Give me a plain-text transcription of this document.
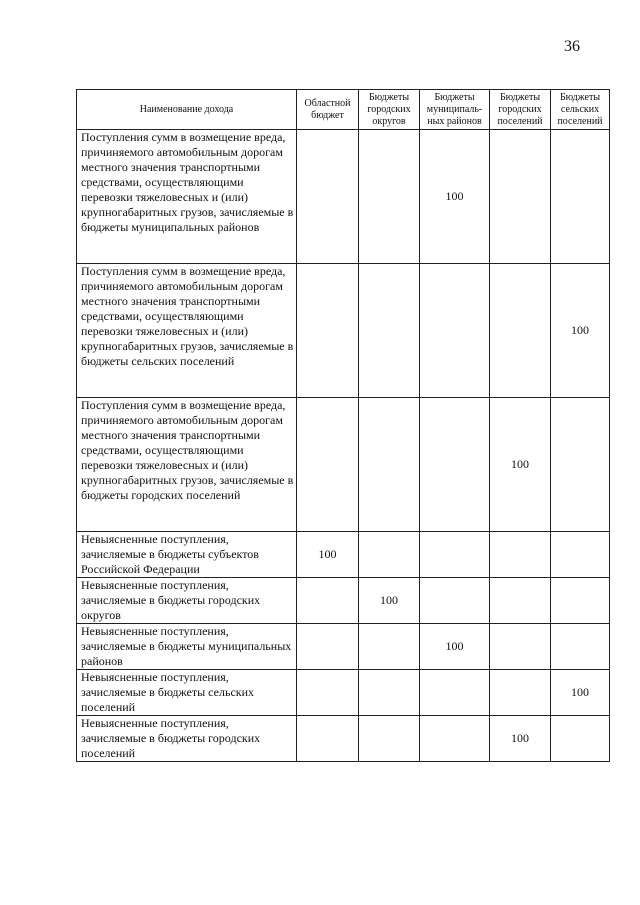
36
Наименование дохода	Областной бюджет	Бюджеты городских округов	Бюджеты муниципаль-ных районов	Бюджеты городских поселений	Бюджеты сельских поселений
Поступления сумм в возмещение вреда, причиняемого автомобильным дорогам местного значения транспортными средствами, осуществляющими перевозки тяжеловесных и (или) крупногабаритных грузов, зачисляемые в бюджеты муниципальных районов			100		
Поступления сумм в возмещение вреда, причиняемого автомобильным дорогам местного значения транспортными средствами, осуществляющими перевозки тяжеловесных и (или) крупногабаритных грузов, зачисляемые в бюджеты сельских поселений					100
Поступления сумм в возмещение вреда, причиняемого автомобильным дорогам местного значения транспортными средствами, осуществляющими перевозки тяжеловесных и (или) крупногабаритных грузов, зачисляемые в бюджеты городских поселений				100	
Невыясненные поступления, зачисляемые в бюджеты субъектов Российской Федерации	100				
Невыясненные поступления, зачисляемые в бюджеты городских округов		100			
Невыясненные поступления, зачисляемые в бюджеты муниципальных районов			100		
Невыясненные поступления, зачисляемые в бюджеты сельских поселений					100
Невыясненные поступления, зачисляемые в бюджеты городских поселений				100	
